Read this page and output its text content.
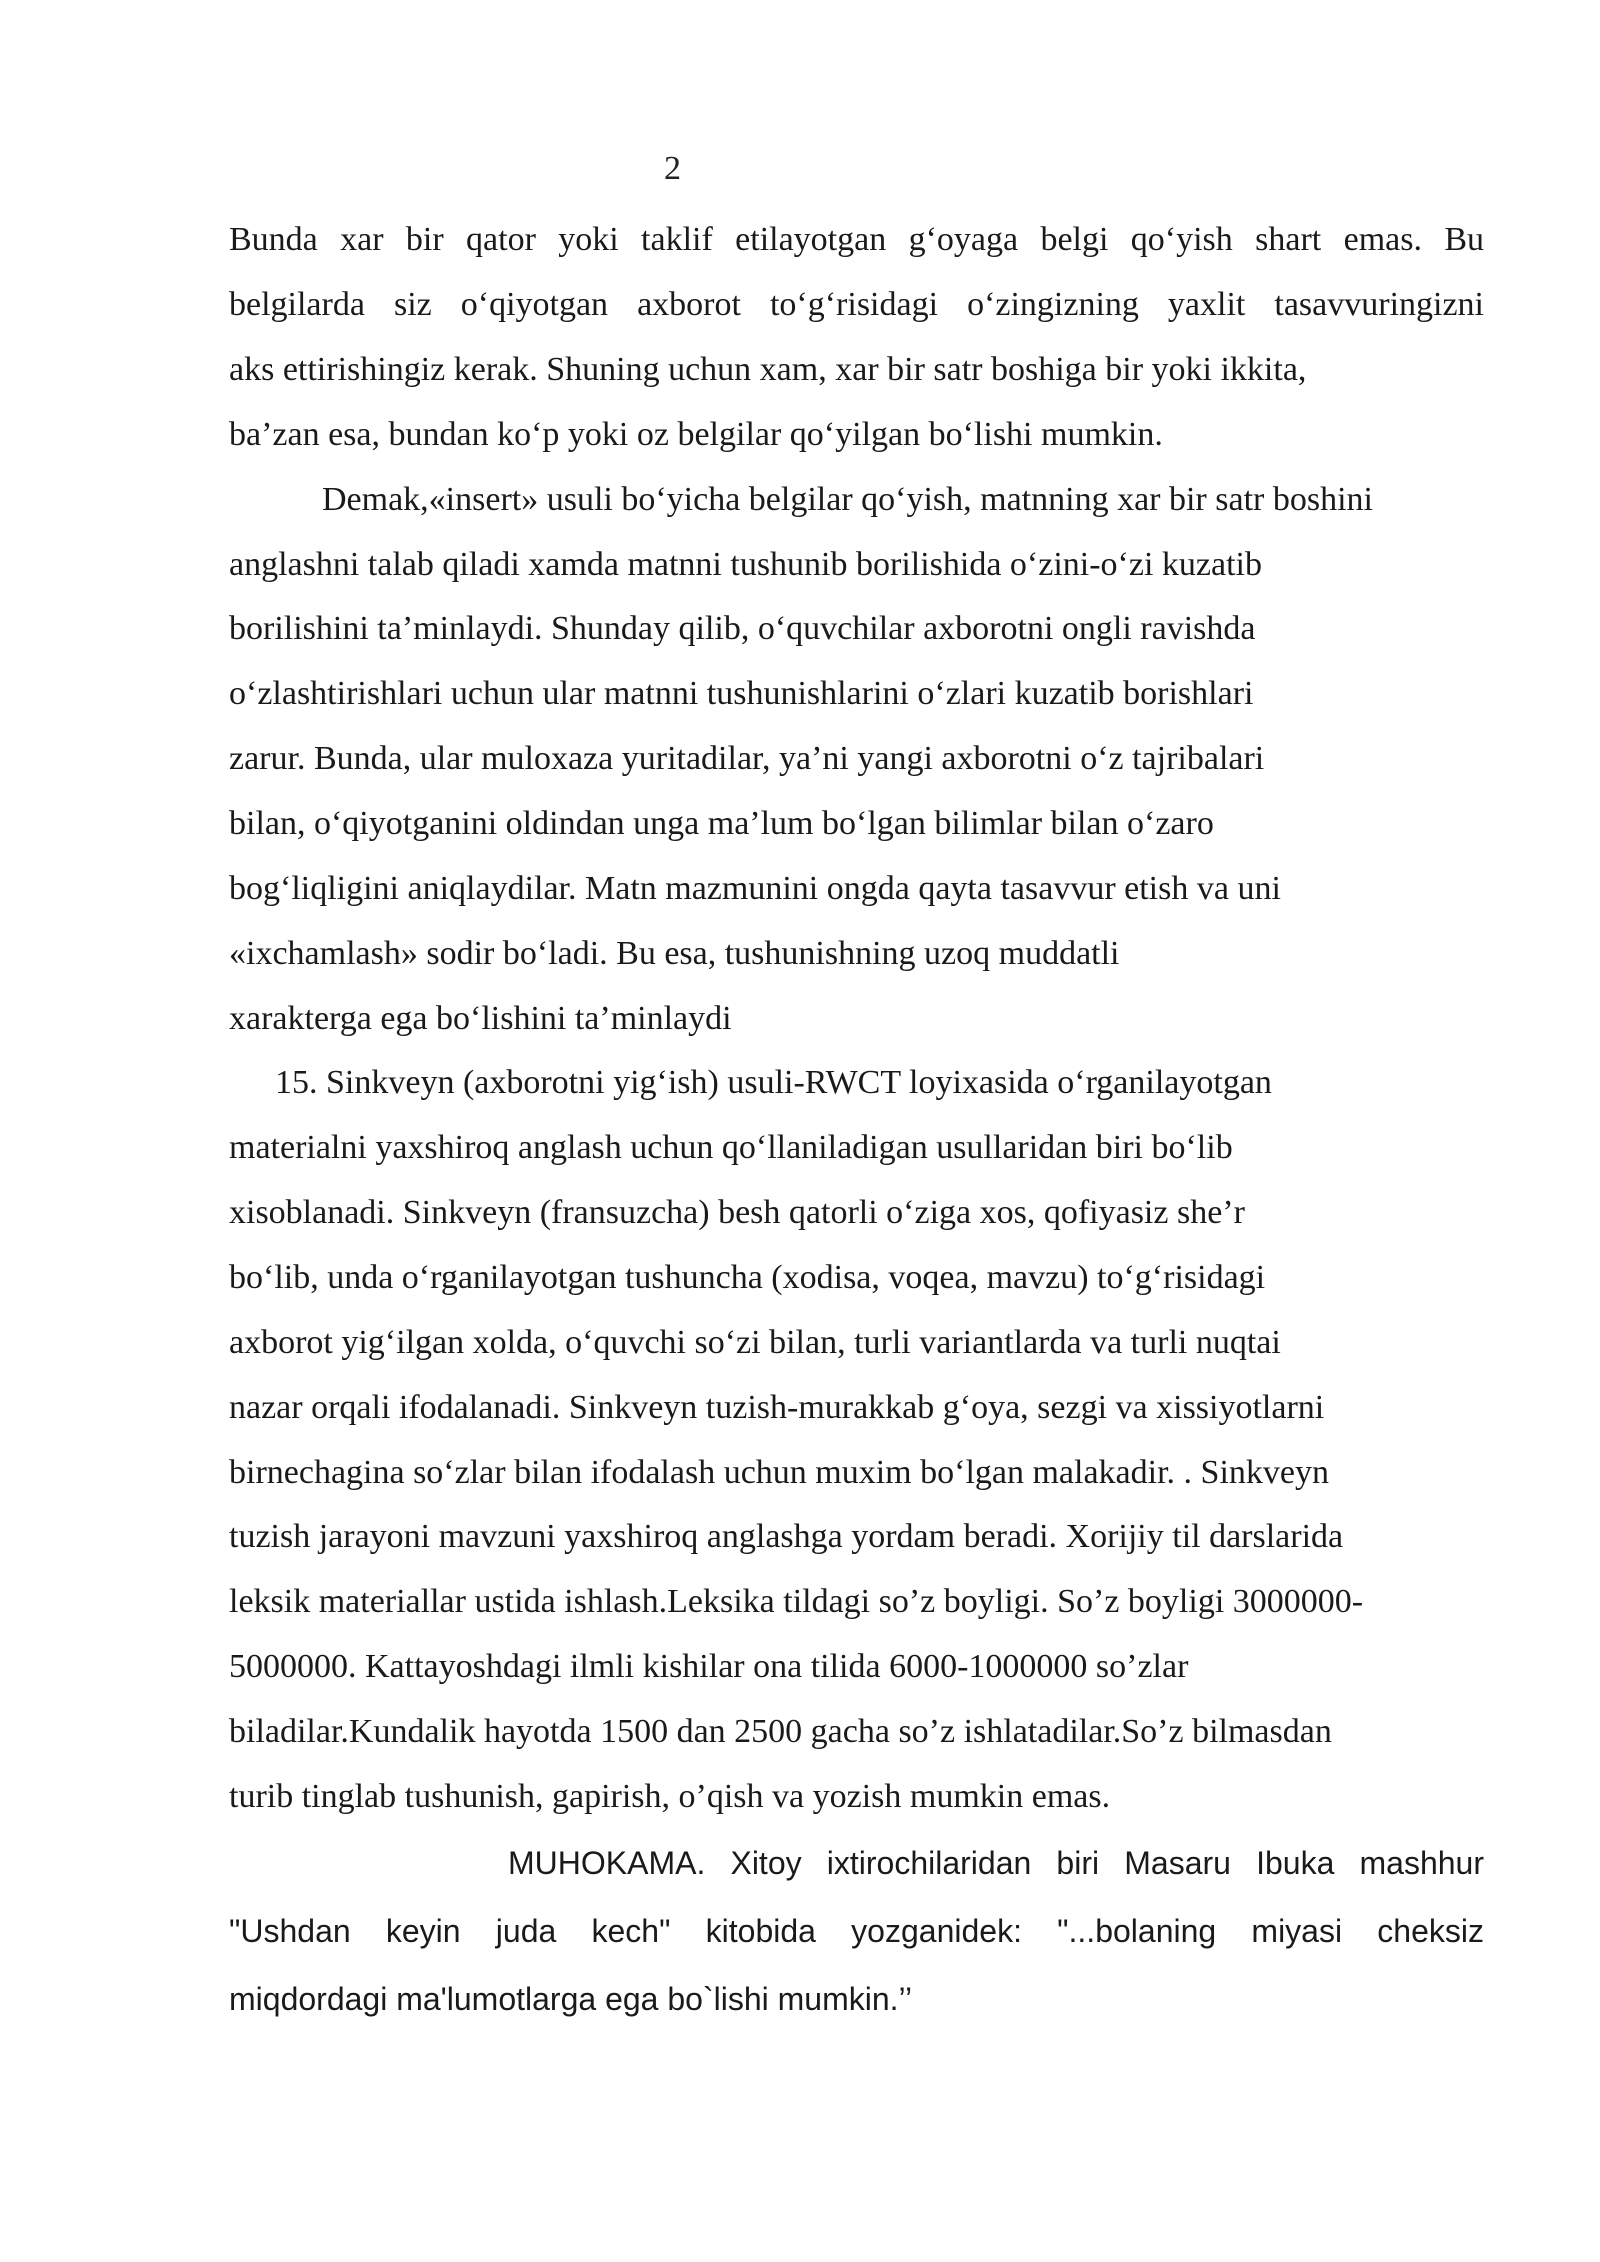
2
Bunda xar bir qator yoki taklif etilayotgan g‘oyaga belgi qo‘yish shart emas. Bu
belgilarda siz o‘qiyotgan axborot to‘g‘risidagi o‘zingizning yaxlit tasavvuringizni
aks ettirishingiz kerak. Shuning uchun xam, xar bir satr boshiga bir yoki ikkita,
ba’zan esa, bundan ko‘p yoki oz belgilar qo‘yilgan bo‘lishi mumkin.
Demak,«insert» usuli bo‘yicha belgilar qo‘yish, matnning xar bir satr boshini
anglashni talab qiladi xamda matnni tushunib borilishida o‘zini-o‘zi kuzatib
borilishini ta’minlaydi. Shunday qilib, o‘quvchilar axborotni ongli ravishda
o‘zlashtirishlari uchun ular matnni tushunishlarini o‘zlari kuzatib borishlari
zarur. Bunda, ular muloxaza yuritadilar, ya’ni yangi axborotni o‘z tajribalari
bilan, o‘qiyotganini oldindan unga ma’lum bo‘lgan bilimlar bilan o‘zaro
bog‘liqligini aniqlaydilar. Matn mazmunini ongda qayta tasavvur etish va uni
«ixchamlash» sodir bo‘ladi. Bu esa, tushunishning uzoq muddatli
xarakterga ega bo‘lishini ta’minlaydi
15. Sinkveyn (axborotni yig‘ish) usuli-RWCT loyixasida o‘rganilayotgan
materialni yaxshiroq anglash uchun qo‘llaniladigan usullaridan biri bo‘lib
xisoblanadi. Sinkveyn (fransuzcha) besh qatorli o‘ziga xos, qofiyasiz she’r
bo‘lib, unda o‘rganilayotgan tushuncha (xodisa, voqea, mavzu) to‘g‘risidagi
axborot yig‘ilgan xolda, o‘quvchi so‘zi bilan, turli variantlarda va turli nuqtai
nazar orqali ifodalanadi. Sinkveyn tuzish-murakkab g‘oya, sezgi va xissiyotlarni
birnechagina so‘zlar bilan ifodalash uchun muxim bo‘lgan malakadir. . Sinkveyn
tuzish jarayoni mavzuni yaxshiroq anglashga yordam beradi. Xorijiy til darslarida
leksik materiallar ustida ishlash.Leksika tildagi so’z boyligi. So’z boyligi 3000000-
5000000. Kattayoshdagi ilmli kishilar ona tilida 6000-1000000 so’zlar
biladilar.Kundalik hayotda 1500 dan 2500 gacha so’z ishlatadilar.So’z bilmasdan
turib tinglab tushunish, gapirish, o’qish va yozish mumkin emas.
MUHOKAMA. Xitoy ixtirochilaridan biri Masaru Ibuka mashhur
"Ushdan keyin juda kech" kitobida yozganidek: "...bolaning miyasi cheksiz
miqdordagi ma'lumotlarga ega bo`lishi mumkin.’’
